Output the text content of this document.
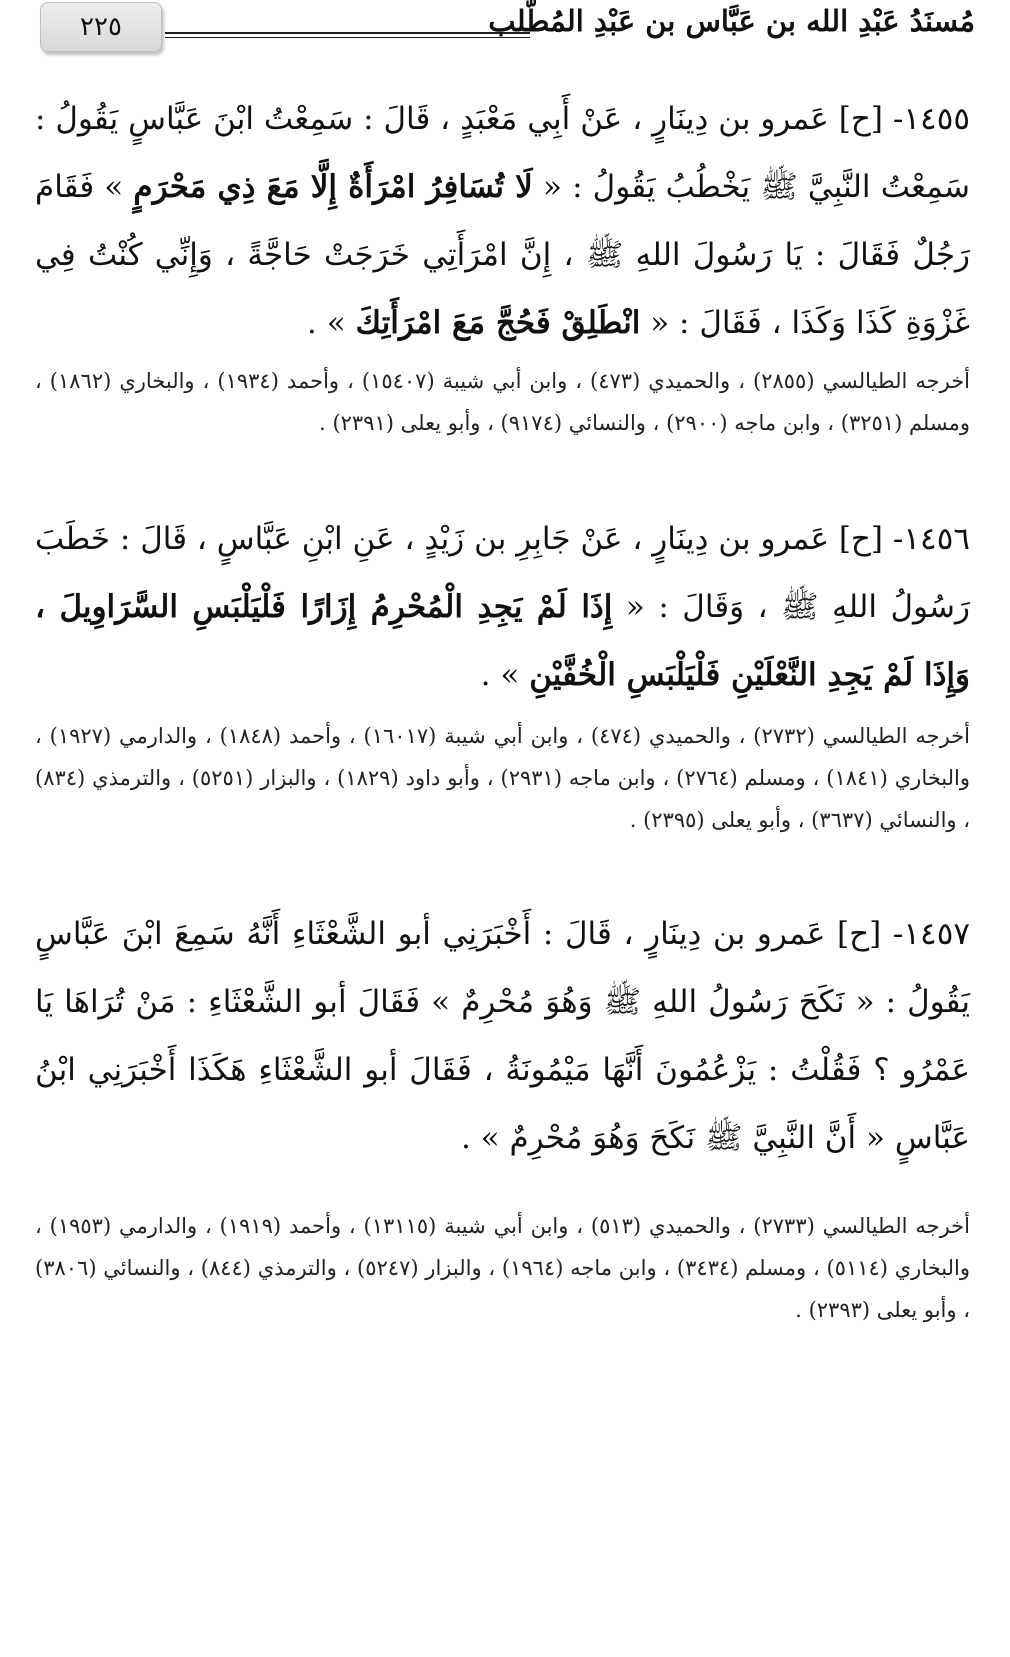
٢٢٥	مُسنَدُ عَبْدِ الله بن عَبَّاس بن عَبْدِ المُطَّلب
١٤٥٥- [ح] عَمرو بن دِينَارٍ ، عَنْ أَبِي مَعْبَدٍ ، قَالَ : سَمِعْتُ ابْنَ عَبَّاسٍ يَقُولُ : سَمِعْتُ النَّبِيَّ ﷺ يَخْطُبُ يَقُولُ : « لَا تُسَافِرُ امْرَأَةٌ إِلَّا مَعَ ذِي مَحْرَمٍ » فَقَامَ رَجُلٌ فَقَالَ : يَا رَسُولَ اللهِ ﷺ ، إِنَّ امْرَأَتِي خَرَجَتْ حَاجَّةً ، وَإِنِّي كُنْتُ فِي غَزْوَةِ كَذَا وَكَذَا ، فَقَالَ : « انْطَلِقْ فَحُجَّ مَعَ امْرَأَتِكَ » .
أخرجه الطيالسي (٢٨٥٥) ، والحميدي (٤٧٣) ، وابن أبي شيبة (١٥٤٠٧) ، وأحمد (١٩٣٤) ، والبخاري (١٨٦٢) ، ومسلم (٣٢٥١) ، وابن ماجه (٢٩٠٠) ، والنسائي (٩١٧٤) ، وأبو يعلى (٢٣٩١) .
١٤٥٦- [ح] عَمرو بن دِينَارٍ ، عَنْ جَابِرِ بن زَيْدٍ ، عَنِ ابْنِ عَبَّاسٍ ، قَالَ : خَطَبَ رَسُولُ اللهِ ﷺ ، وَقَالَ : « إِذَا لَمْ يَجِدِ الْمُحْرِمُ إِزَارًا فَلْيَلْبَسِ السَّرَاوِيلَ ، وَإِذَا لَمْ يَجِدِ النَّعْلَيْنِ فَلْيَلْبَسِ الْخُفَّيْنِ » .
أخرجه الطيالسي (٢٧٣٢) ، والحميدي (٤٧٤) ، وابن أبي شيبة (١٦٠١٧) ، وأحمد (١٨٤٨) ، والدارمي (١٩٢٧) ، والبخاري (١٨٤١) ، ومسلم (٢٧٦٤) ، وابن ماجه (٢٩٣١) ، وأبو داود (١٨٢٩) ، والبزار (٥٢٥١) ، والترمذي (٨٣٤) ، والنسائي (٣٦٣٧) ، وأبو يعلى (٢٣٩٥) .
١٤٥٧- [ح] عَمرو بن دِينَارٍ ، قَالَ : أَخْبَرَنِي أبو الشَّعْثَاءِ أَنَّهُ سَمِعَ ابْنَ عَبَّاسٍ يَقُولُ : « نَكَحَ رَسُولُ اللهِ ﷺ وَهُوَ مُحْرِمٌ » فَقَالَ أبو الشَّعْثَاءِ : مَنْ تُرَاهَا يَا عَمْرُو ؟ فَقُلْتُ : يَزْعُمُونَ أَنَّهَا مَيْمُونَةُ ، فَقَالَ أبو الشَّعْثَاءِ هَكَذَا أَخْبَرَنِي ابْنُ عَبَّاسٍ « أَنَّ النَّبِيَّ ﷺ نَكَحَ وَهُوَ مُحْرِمٌ » .
أخرجه الطيالسي (٢٧٣٣) ، والحميدي (٥١٣) ، وابن أبي شيبة (١٣١١٥) ، وأحمد (١٩١٩) ، والدارمي (١٩٥٣) ، والبخاري (٥١١٤) ، ومسلم (٣٤٣٤) ، وابن ماجه (١٩٦٤) ، والبزار (٥٢٤٧) ، والترمذي (٨٤٤) ، والنسائي (٣٨٠٦) ، وأبو يعلى (٢٣٩٣) .
